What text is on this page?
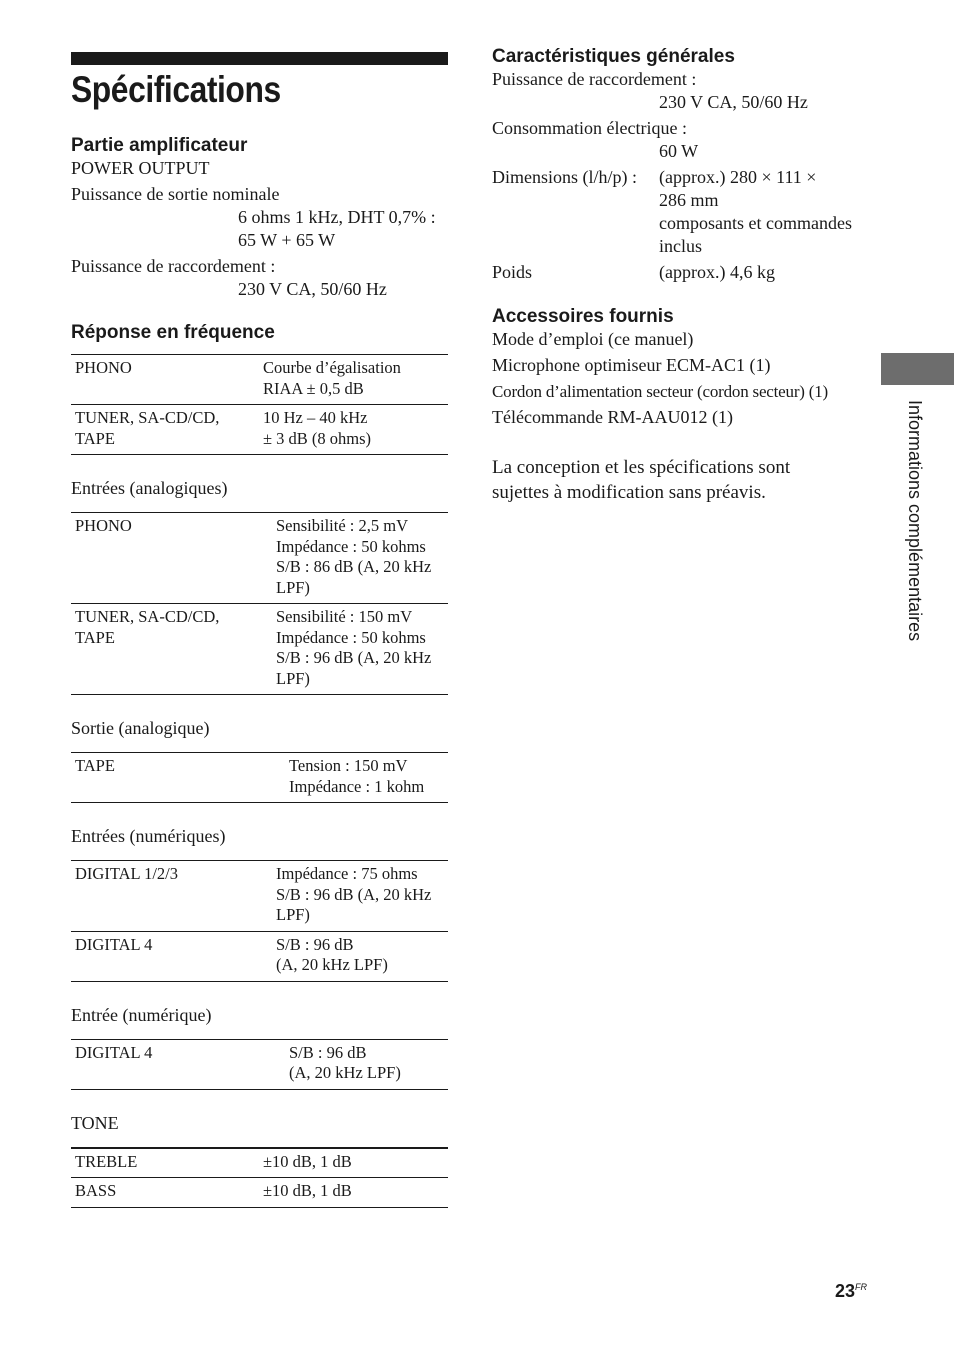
Spécifications
Partie amplificateur
POWER OUTPUT
Puissance de sortie nominale
6 ohms 1 kHz, DHT 0,7% :
65 W + 65 W
Puissance de raccordement :
230 V CA, 50/60 Hz
Réponse en fréquence
PHONO	Courbe d’égalisation
RIAA ± 0,5 dB
TUNER, SA-CD/CD,
TAPE	10 Hz – 40 kHz
± 3 dB (8 ohms)
Entrées (analogiques)
PHONO	Sensibilité : 2,5 mV
Impédance : 50 kohms
S/B : 86 dB (A, 20 kHz
LPF)
TUNER, SA-CD/CD,
TAPE	Sensibilité : 150 mV
Impédance : 50 kohms
S/B : 96 dB (A, 20 kHz
LPF)
Sortie (analogique)
TAPE	Tension : 150 mV
Impédance : 1 kohm
Entrées (numériques)
DIGITAL 1/2/3	Impédance : 75 ohms
S/B : 96 dB (A, 20 kHz
LPF)
DIGITAL 4	S/B : 96 dB
(A, 20 kHz LPF)
Entrée (numérique)
DIGITAL 4	S/B : 96 dB
(A, 20 kHz LPF)
TONE
TREBLE	±10 dB, 1 dB
BASS	±10 dB, 1 dB
Caractéristiques générales
Puissance de raccordement :
230 V CA, 50/60 Hz
Consommation électrique :
60 W
Dimensions (l/h/p) :	(approx.) 280 × 111 ×
286 mm
composants et commandes
inclus
Poids	(approx.) 4,6 kg
Accessoires fournis
Mode d’emploi (ce manuel)
Microphone optimiseur ECM-AC1 (1)
Cordon d’alimentation secteur (cordon secteur) (1)
Télécommande RM-AAU012 (1)
La conception et les spécifications sont
sujettes à modification sans préavis.	Informations complémentaires
$23^{FR}$
